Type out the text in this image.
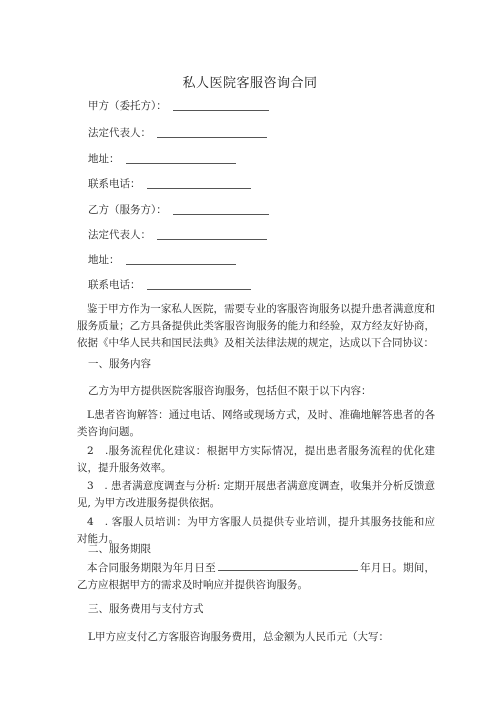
私人医院客服咨询合同
甲方（委托方）：
法定代表人：
地址：
联系电话：
乙方（服务方）：
法定代表人：
地址：
联系电话：
鉴于甲方作为一家私人医院，需要专业的客服咨询服务以提升患者满意度和服务质量；乙方具备提供此类客服咨询服务的能力和经验，双方经友好协商，依据《中华人民共和国民法典》及相关法律法规的规定，达成以下合同协议：
一、服务内容
乙方为甲方提供医院客服咨询服务，包括但不限于以下内容：
L患者咨询解答：通过电话、网络或现场方式，及时、准确地解答患者的各类咨询问题。
2　.服务流程优化建议：根据甲方实际情况，提出患者服务流程的优化建议，提升服务效率。
3　. 患者满意度调查与分析: 定期开展患者满意度调查，收集并分析反馈意见, 为甲方改进服务提供依据。
4　. 客服人员培训：为甲方客服人员提供专业培训，提升其服务技能和应对能力。
二、服务期限
本合同服务期限为年月日至	年月日。期间，乙方应根据甲方的需求及时响应并提供咨询服务。
三、服务费用与支付方式
L甲方应支付乙方客服咨询服务费用，总金额为人民币元（大写：
